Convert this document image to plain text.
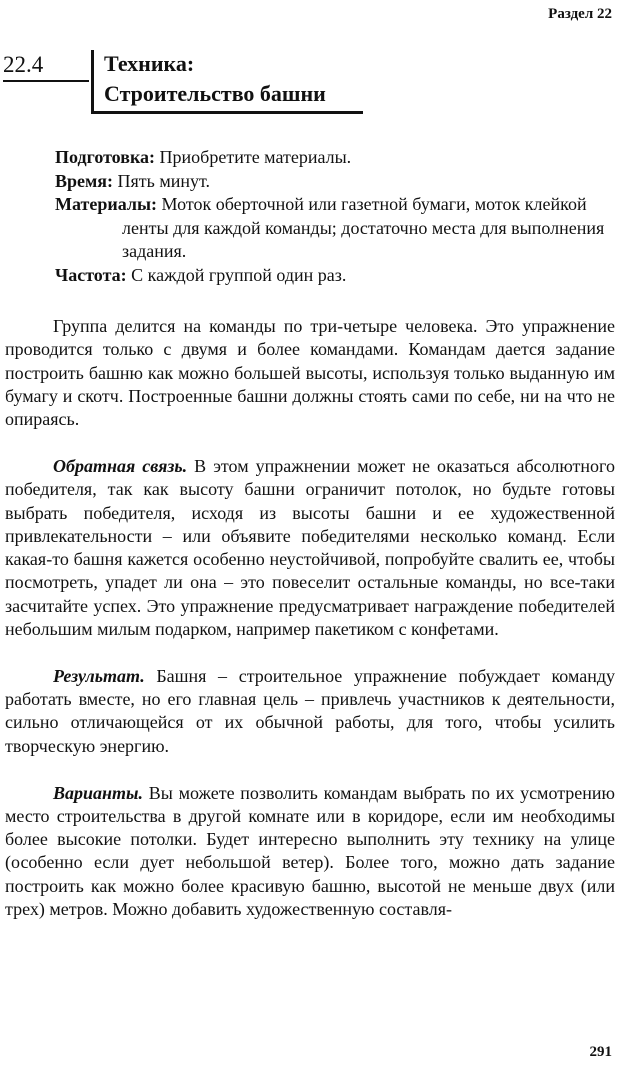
Раздел 22
22.4	Техника:
Строительство башни

Подготовка: Приобретите материалы.

Время: Пять минут.

Материалы: Моток оберточной или газетной бумаги, моток клейкой ленты для каждой команды; достаточно места для выполнения задания.

Частота: С каждой группой один раз.

Группа делится на команды по три-четыре человека. Это упражнение проводится только с двумя и более командами. Командам дается задание построить башню как можно большей высоты, используя только выданную им бумагу и скотч. Построенные башни должны стоять сами по себе, ни на что не опираясь.

Обратная связь. В этом упражнении может не оказаться абсолютного победителя, так как высоту башни ограничит потолок, но будьте готовы выбрать победителя, исходя из высоты башни и ее художественной привлекательности – или объявите победителями несколько команд. Если какая-то башня кажется особенно неустойчивой, попробуйте свалить ее, чтобы посмотреть, упадет ли она – это повеселит остальные команды, но все-таки засчитайте успех. Это упражнение предусматривает награждение победителей небольшим милым подарком, например пакетиком с конфетами.

Результат. Башня – строительное упражнение побуждает команду работать вместе, но его главная цель – привлечь участников к деятельности, сильно отличающейся от их обычной работы, для того, чтобы усилить творческую энергию.

Варианты. Вы можете позволить командам выбрать по их усмотрению место строительства в другой комнате или в коридоре, если им необходимы более высокие потолки. Будет интересно выполнить эту технику на улице (особенно если дует небольшой ветер). Более того, можно дать задание построить как можно более красивую башню, высотой не меньше двух (или трех) метров. Можно добавить художественную составля-

291
